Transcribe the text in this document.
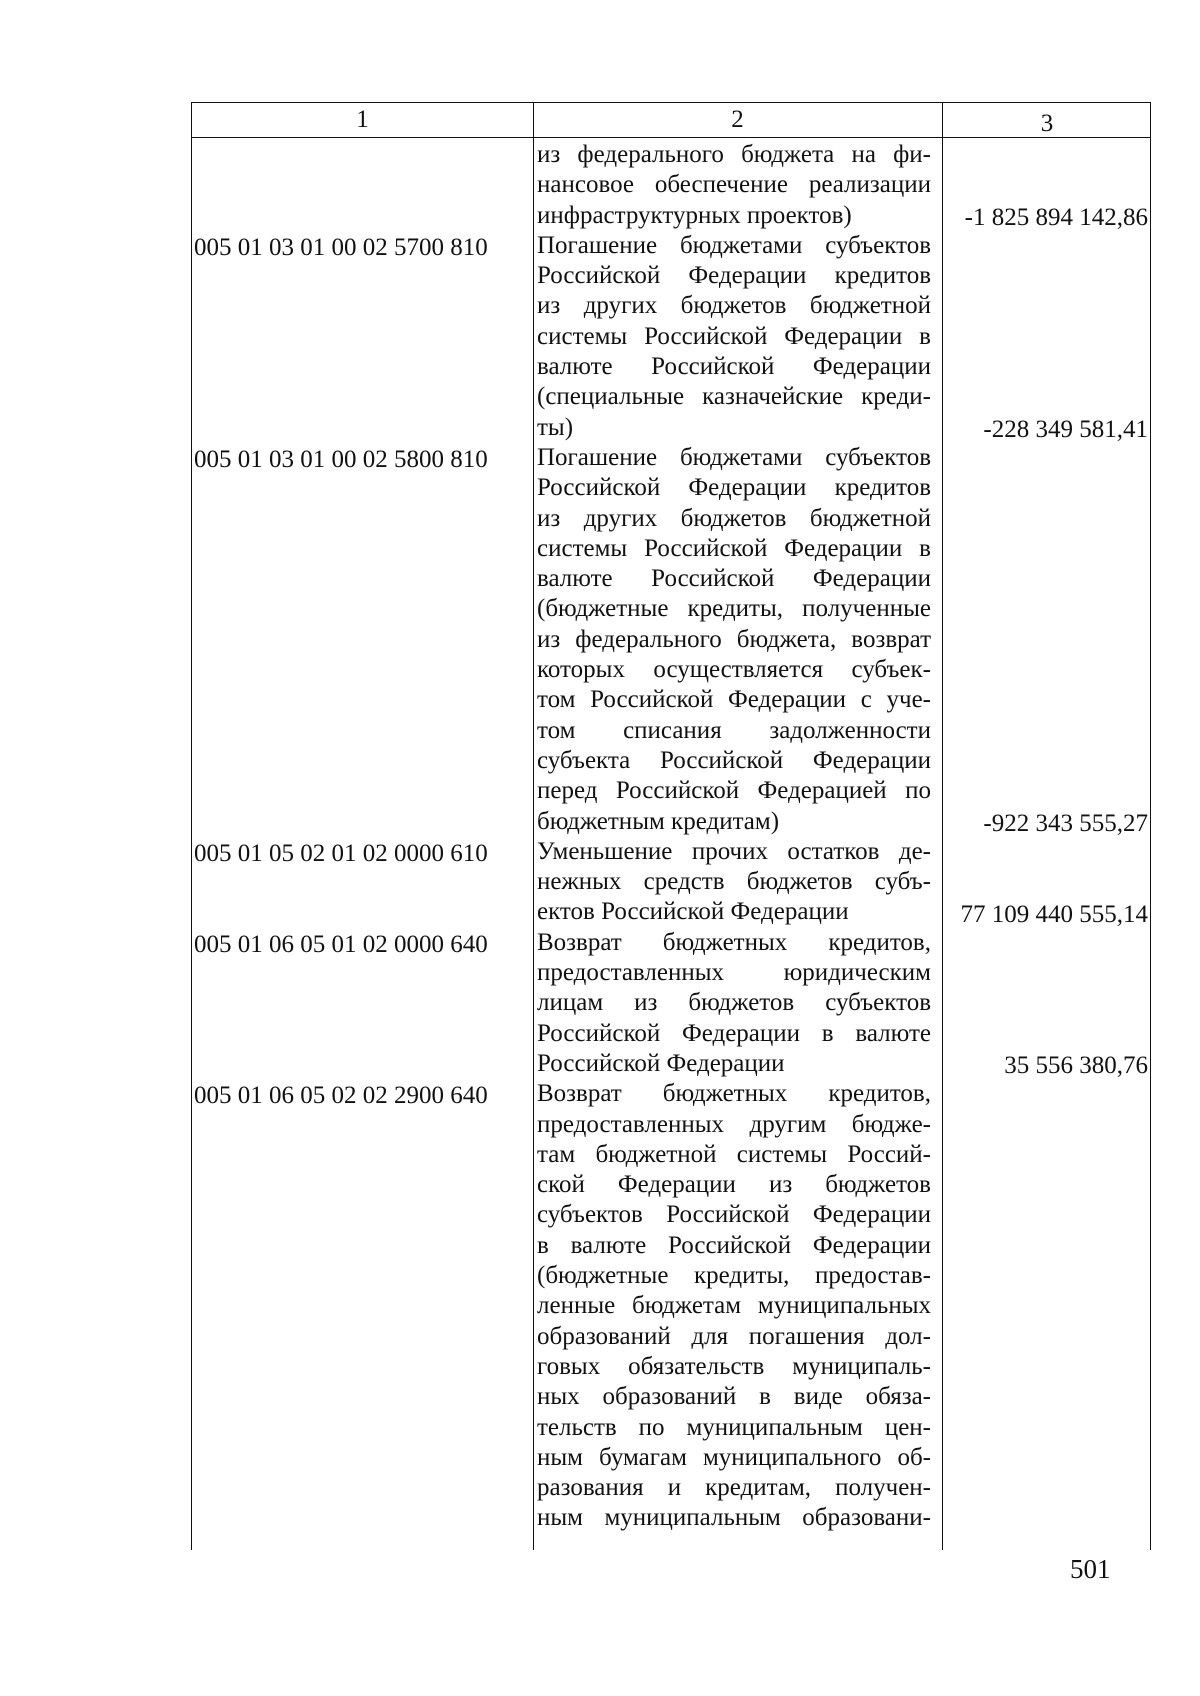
1	2	3
из федерального бюджета на фи-
нансовое обеспечение реализации
инфраструктурных проектов)	-1 825 894 142,86
005 01 03 01 00 02 5700 810	Погашение бюджетами субъектов
Российской Федерации кредитов
из других бюджетов бюджетной
системы Российской Федерации в
валюте Российской Федерации
(специальные казначейские креди-
ты)	-228 349 581,41
005 01 03 01 00 02 5800 810	Погашение бюджетами субъектов
Российской Федерации кредитов
из других бюджетов бюджетной
системы Российской Федерации в
валюте Российской Федерации
(бюджетные кредиты, полученные
из федерального бюджета, возврат
которых осуществляется субъек-
том Российской Федерации с уче-
том списания задолженности
субъекта Российской Федерации
перед Российской Федерацией по
бюджетным кредитам)	-922 343 555,27
005 01 05 02 01 02 0000 610	Уменьшение прочих остатков де-
нежных средств бюджетов субъ-
ектов Российской Федерации	77 109 440 555,14
005 01 06 05 01 02 0000 640	Возврат бюджетных кредитов,
предоставленных юридическим
лицам из бюджетов субъектов
Российской Федерации в валюте
Российской Федерации	35 556 380,76
005 01 06 05 02 02 2900 640	Возврат бюджетных кредитов,
предоставленных другим бюдже-
там бюджетной системы Россий-
ской Федерации из бюджетов
субъектов Российской Федерации
в валюте Российской Федерации
(бюджетные кредиты, предостав-
ленные бюджетам муниципальных
образований для погашения дол-
говых обязательств муниципаль-
ных образований в виде обяза-
тельств по муниципальным цен-
ным бумагам муниципального об-
разования и кредитам, получен-
ным муниципальным образовани-
501
